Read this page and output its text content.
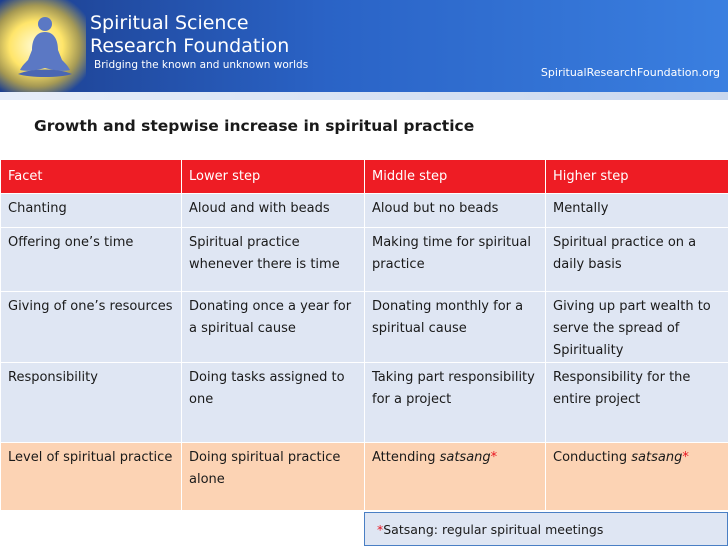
Spiritual Science
Research Foundation
Bridging the known and unknown worlds
SpiritualResearchFoundation.org
Growth and stepwise increase in spiritual practice
Facet	Lower step	Middle step	Higher step
Chanting	Aloud and with beads	Aloud but no beads	Mentally
Offering one’s time	Spiritual practice whenever there is time	Making time for spiritual practice	Spiritual practice on a daily basis
Giving of one’s resources	Donating once a year for a spiritual cause	Donating monthly for a spiritual cause	Giving up part wealth to serve the spread of Spirituality
Responsibility	Doing tasks assigned to one	Taking part responsibility for a project	Responsibility for the entire project
Level of spiritual practice	Doing spiritual practice alone	Attending satsang*	Conducting satsang*
*Satsang: regular spiritual meetings
